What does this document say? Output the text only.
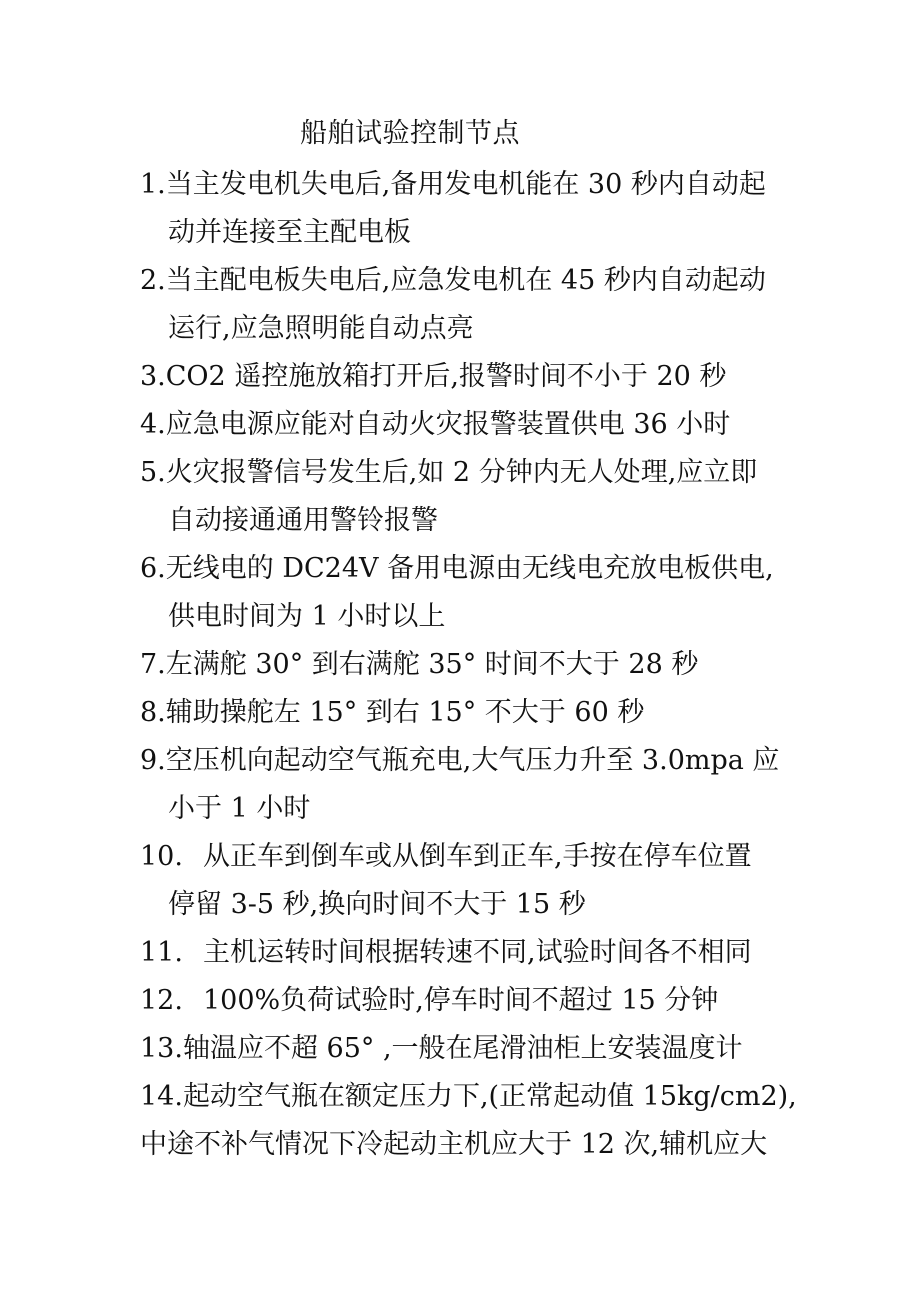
船舶试验控制节点
1.当主发电机失电后,备用发电机能在 30 秒内自动起
动并连接至主配电板
2.当主配电板失电后,应急发电机在 45 秒内自动起动
运行,应急照明能自动点亮
3.CO2 遥控施放箱打开后,报警时间不小于 20 秒
4.应急电源应能对自动火灾报警装置供电 36 小时
5.火灾报警信号发生后,如 2 分钟内无人处理,应立即
自动接通通用警铃报警
6.无线电的 DC24V 备用电源由无线电充放电板供电,
供电时间为 1 小时以上
7.左满舵 30° 到右满舵 35° 时间不大于 28 秒
8.辅助操舵左 15° 到右 15° 不大于 60 秒
9.空压机向起动空气瓶充电,大气压力升至 3.0mpa 应
小于 1 小时
10. 从正车到倒车或从倒车到正车,手按在停车位置
停留 3-5 秒,换向时间不大于 15 秒
11. 主机运转时间根据转速不同,试验时间各不相同
12. 100%负荷试验时,停车时间不超过 15 分钟
13.轴温应不超 65° ,一般在尾滑油柜上安装温度计
14.起动空气瓶在额定压力下,(正常起动值 15kg/cm2),
中途不补气情况下冷起动主机应大于 12 次,辅机应大
